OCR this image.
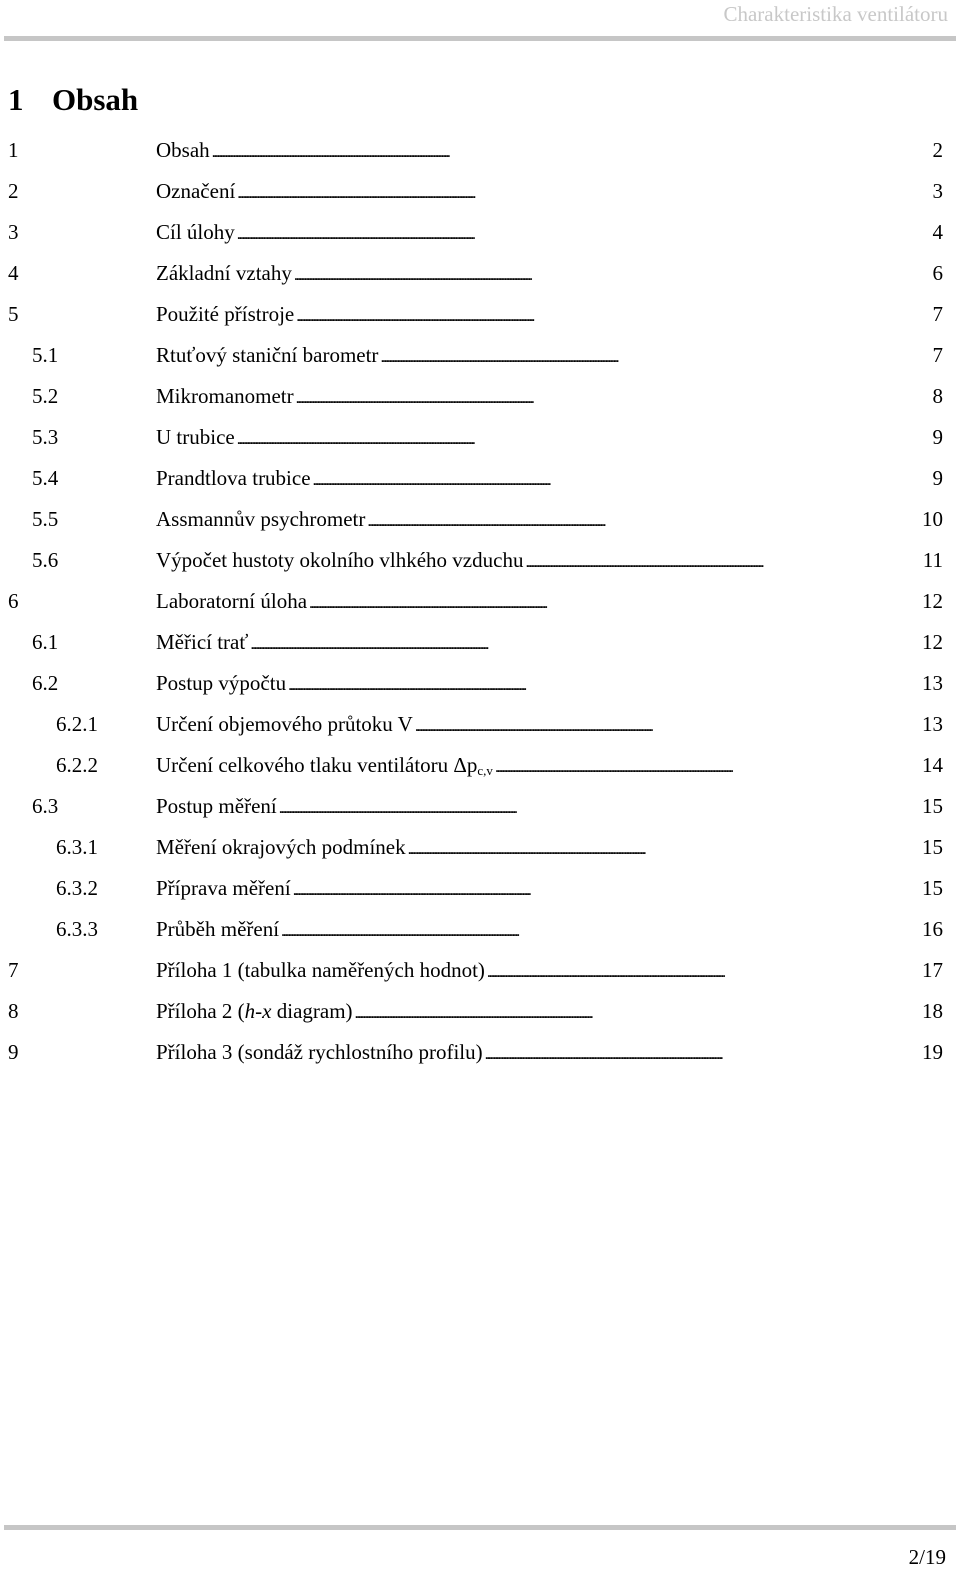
Charakteristika ventilátoru
1 Obsah
1	Obsah . . .	2
2	Označení . . .	3
3	Cíl úlohy . . .	4
4	Základní vztahy . . .	6
5	Použité přístroje . . .	7
5.1	Rtuťový staniční barometr . . .	7
5.2	Mikromanometr . . .	8
5.3	U trubice . . .	9
5.4	Prandtlova trubice . . .	9
5.5	Assmannův psychrometr . . .	10
5.6	Výpočet hustoty okolního vlhkého vzduchu . . .	11
6	Laboratorní úloha . . .	12
6.1	Měřicí trať . . .	12
6.2	Postup výpočtu . . .	13
6.2.1	Určení objemového průtoku V . . .	13
6.2.2	Určení celkového tlaku ventilátoru $\Delta p_{c,v}$ . . .	14
6.3	Postup měření . . .	15
6.3.1	Měření okrajových podmínek . . .	15
6.3.2	Příprava měření . . .	15
6.3.3	Průběh měření . . .	16
7	Příloha 1 (tabulka naměřených hodnot) . . .	17
8	Příloha 2 (h-x diagram) . . .	18
9	Příloha 3 (sondáž rychlostního profilu) . . .	19
2/19
